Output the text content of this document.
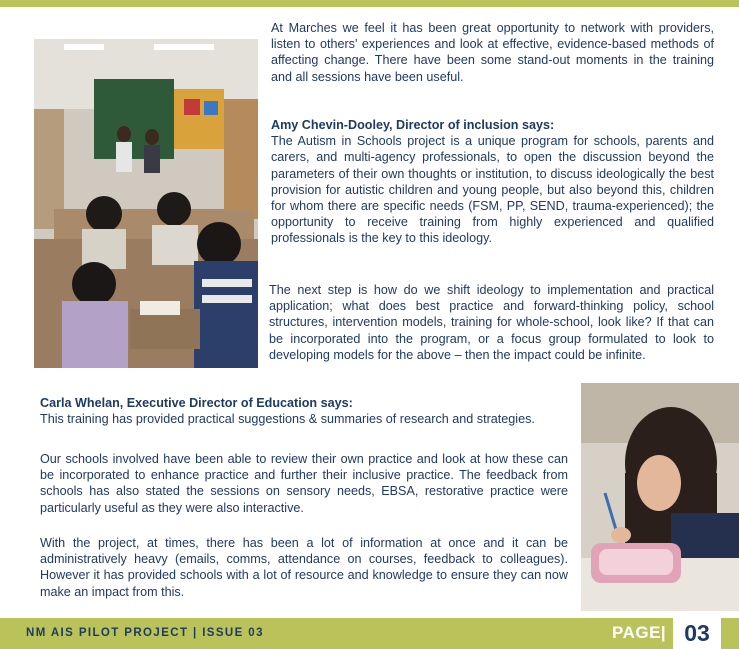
At Marches we feel it has been great opportunity to network with providers, listen to others' experiences and look at effective, evidence-based methods of affecting change. There have been some stand-out moments in the training and all sessions have been useful.

Amy Chevin-Dooley, Director of inclusion says:

The Autism in Schools project is a unique program for schools, parents and carers, and multi-agency professionals, to open the discussion beyond the parameters of their own thoughts or institution, to discuss ideologically the best provision for autistic children and young people, but also beyond this, children for whom there are specific needs (FSM, PP, SEND, trauma-experienced); the opportunity to receive training from highly experienced and qualified professionals is the key to this ideology.

The next step is how do we shift ideology to implementation and practical application; what does best practice and forward-thinking policy, school structures, intervention models, training for whole-school, look like? If that can be incorporated into the program, or a focus group formulated to look to developing models for the above – then the impact could be infinite.

Carla Whelan, Executive Director of Education says:

This training has provided practical suggestions & summaries of research and strategies.

Our schools involved have been able to review their own practice and look at how these can be incorporated to enhance practice and further their inclusive practice. The feedback from schools has also stated the sessions on sensory needs, EBSA, restorative practice were particularly useful as they were also interactive.

With the project, at times, there has been a lot of information at once and it can be administratively heavy (emails, comms, attendance on courses, feedback to colleagues). However it has provided schools with a lot of resource and knowledge to ensure they can now make an impact from this.

NM AIS PILOT PROJECT | ISSUE 03	PAGE| 03
